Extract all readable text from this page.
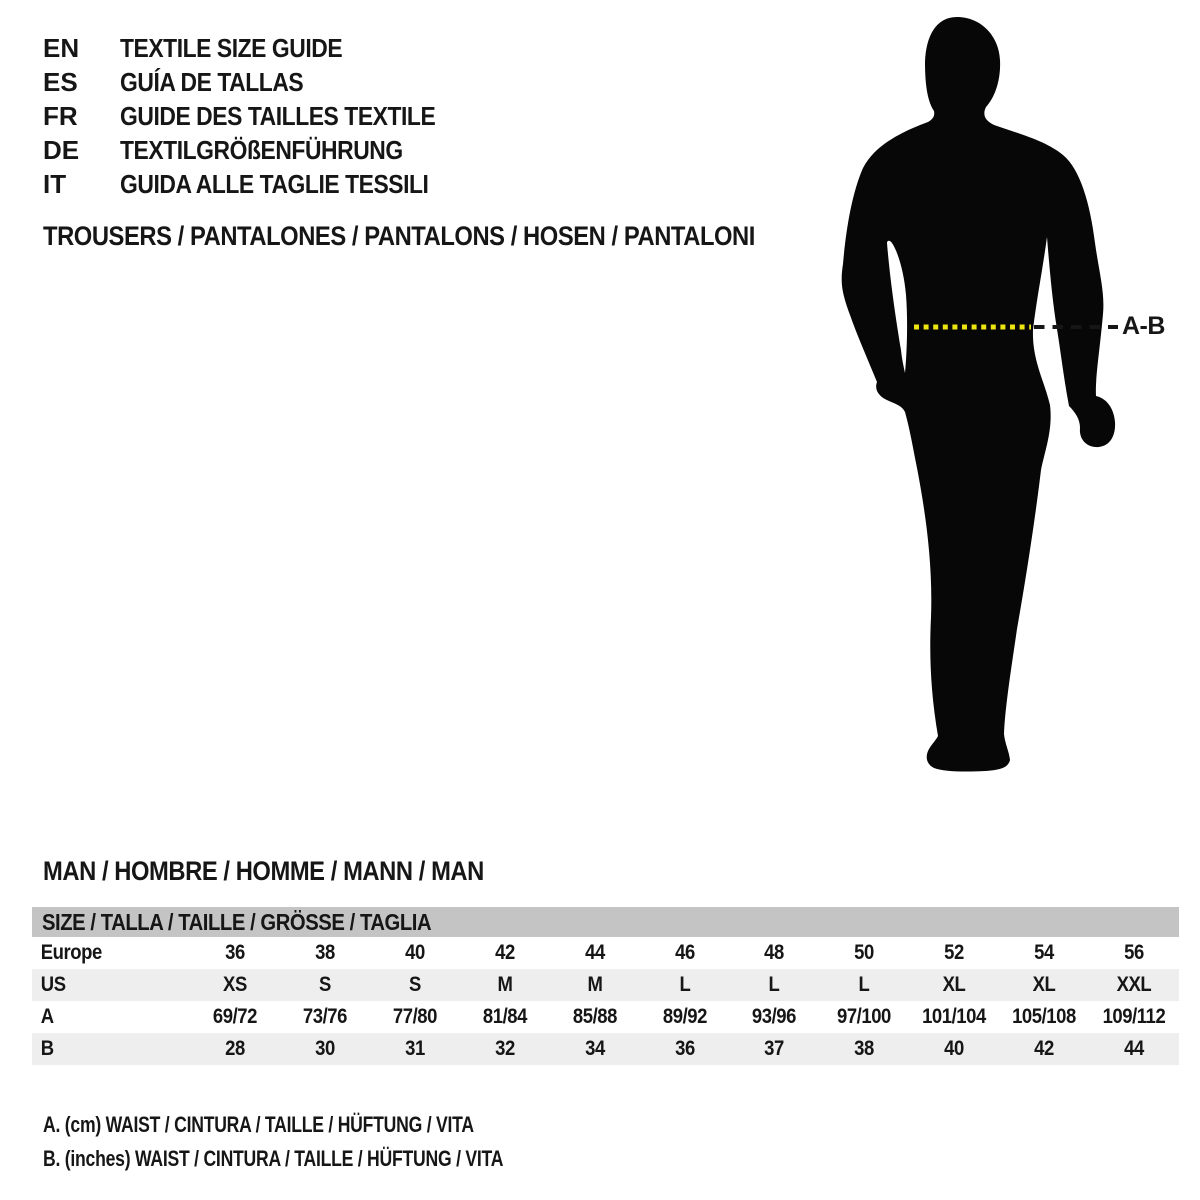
EN	TEXTILE SIZE GUIDE
ES	GUÍA DE TALLAS
FR	GUIDE DES TAILLES TEXTILE
DE	TEXTILGRÖßENFÜHRUNG
IT	GUIDA ALLE TAGLIE TESSILI
TROUSERS / PANTALONES / PANTALONS / HOSEN / PANTALONI
A-B
MAN / HOMBRE / HOMME / MANN / MAN
SIZE / TALLA / TAILLE / GRÖSSE / TAGLIA
Europe	36	38	40	42	44	46	48	50	52	54	56
US	XS	S	S	M	M	L	L	L	XL	XL	XXL
A	69/72	73/76	77/80	81/84	85/88	89/92	93/96	97/100	101/104	105/108	109/112
B	28	30	31	32	34	36	37	38	40	42	44
A. (cm) WAIST / CINTURA / TAILLE / HÜFTUNG / VITA
B. (inches) WAIST / CINTURA / TAILLE / HÜFTUNG / VITA
